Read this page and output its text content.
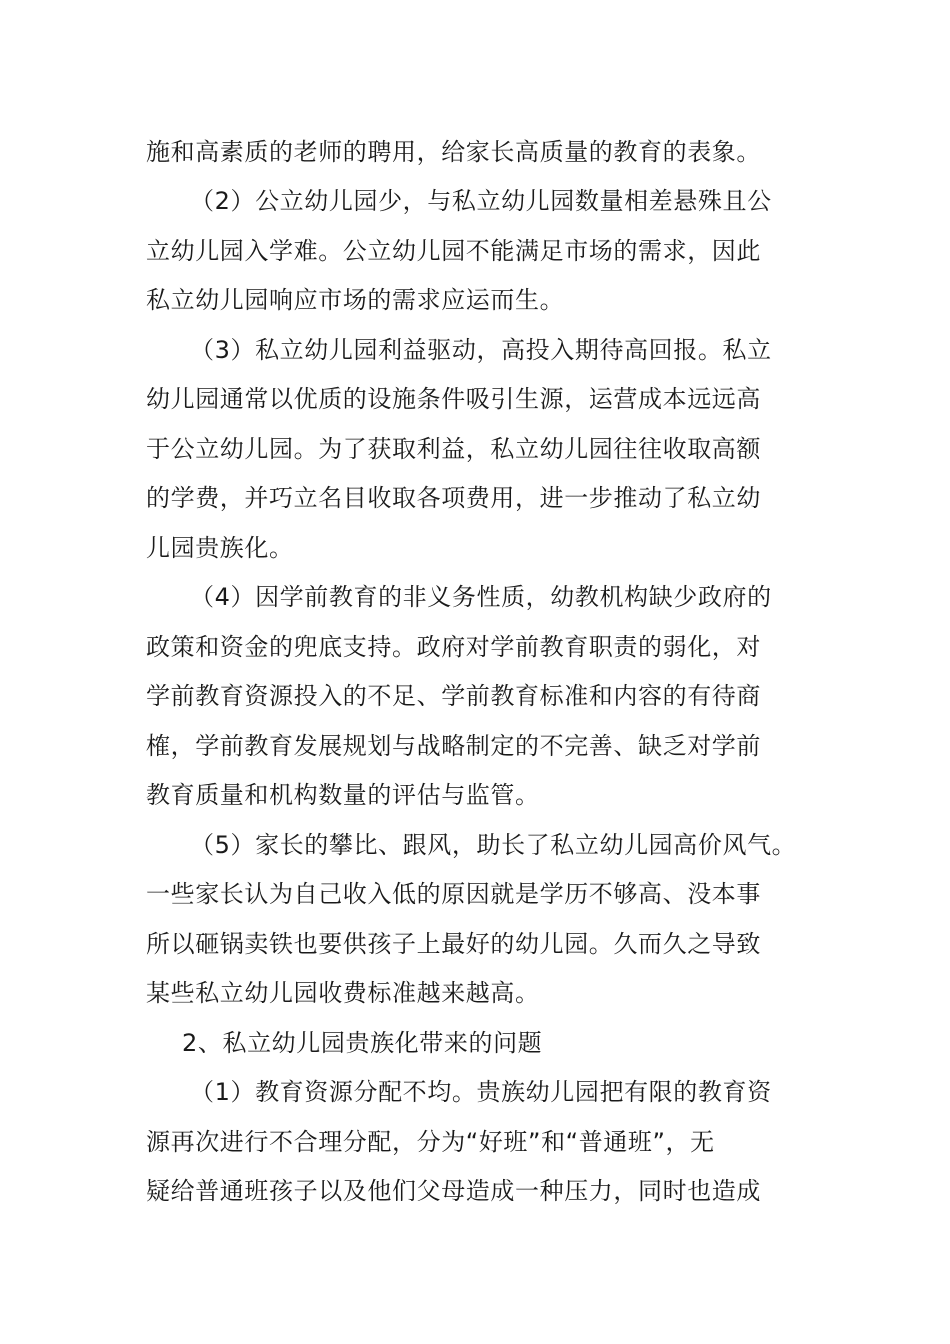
施和高素质的老师的聘用，给家长高质量的教育的表象。
（2）公立幼儿园少，与私立幼儿园数量相差悬殊且公
立幼儿园入学难。公立幼儿园不能满足市场的需求，因此
私立幼儿园响应市场的需求应运而生。
（3）私立幼儿园利益驱动，高投入期待高回报。私立
幼儿园通常以优质的设施条件吸引生源，运营成本远远高
于公立幼儿园。为了获取利益，私立幼儿园往往收取高额
的学费，并巧立名目收取各项费用，进一步推动了私立幼
儿园贵族化。
（4）因学前教育的非义务性质，幼教机构缺少政府的
政策和资金的兜底支持。政府对学前教育职责的弱化，对
学前教育资源投入的不足、学前教育标准和内容的有待商
榷，学前教育发展规划与战略制定的不完善、缺乏对学前
教育质量和机构数量的评估与监管。
（5）家长的攀比、跟风，助长了私立幼儿园高价风气。
一些家长认为自己收入低的原因就是学历不够高、没本事
所以砸锅卖铁也要供孩子上最好的幼儿园。久而久之导致
某些私立幼儿园收费标准越来越高。
2、私立幼儿园贵族化带来的问题
（1）教育资源分配不均。贵族幼儿园把有限的教育资
源再次进行不合理分配，分为“好班”和“普通班”，无
疑给普通班孩子以及他们父母造成一种压力，同时也造成
